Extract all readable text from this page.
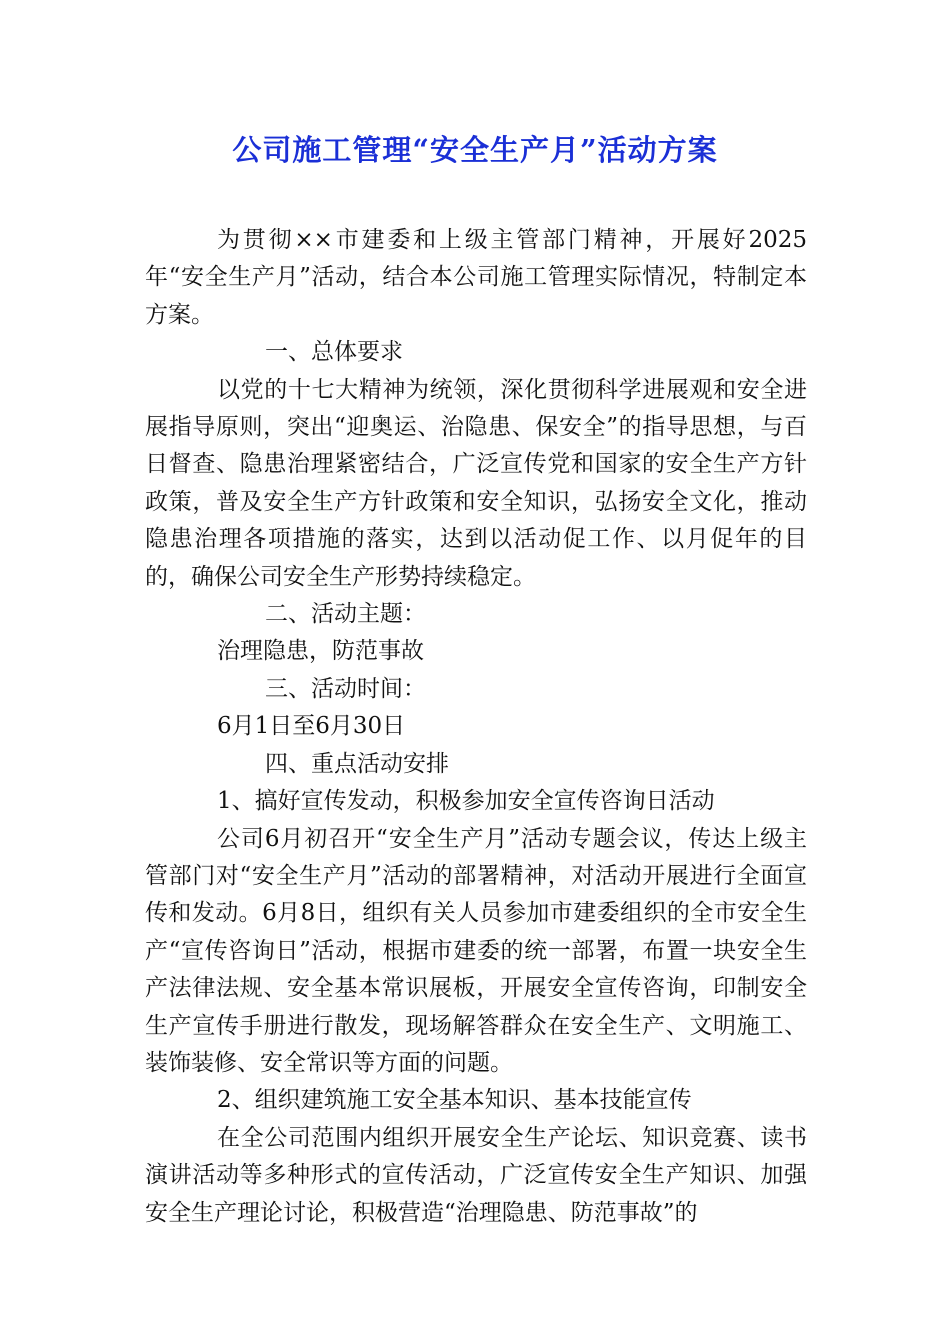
公司施工管理“安全生产月”活动方案

为贯彻××市建委和上级主管部门精神，开展好2025年“安全生产月”活动，结合本公司施工管理实际情况，特制定本方案。

一、总体要求

以党的十七大精神为统领，深化贯彻科学进展观和安全进展指导原则，突出“迎奥运、治隐患、保安全”的指导思想，与百日督查、隐患治理紧密结合，广泛宣传党和国家的安全生产方针政策，普及安全生产方针政策和安全知识，弘扬安全文化，推动隐患治理各项措施的落实，达到以活动促工作、以月促年的目的，确保公司安全生产形势持续稳定。

二、活动主题：

治理隐患，防范事故

三、活动时间：

6月1日至6月30日

四、重点活动安排

1、搞好宣传发动，积极参加安全宣传咨询日活动

公司6月初召开“安全生产月”活动专题会议，传达上级主管部门对“安全生产月”活动的部署精神，对活动开展进行全面宣传和发动。6月8日，组织有关人员参加市建委组织的全市安全生产“宣传咨询日”活动，根据市建委的统一部署，布置一块安全生产法律法规、安全基本常识展板，开展安全宣传咨询，印制安全生产宣传手册进行散发，现场解答群众在安全生产、文明施工、装饰装修、安全常识等方面的问题。

2、组织建筑施工安全基本知识、基本技能宣传

在全公司范围内组织开展安全生产论坛、知识竞赛、读书演讲活动等多种形式的宣传活动，广泛宣传安全生产知识、加强安全生产理论讨论，积极营造“治理隐患、防范事故”的
